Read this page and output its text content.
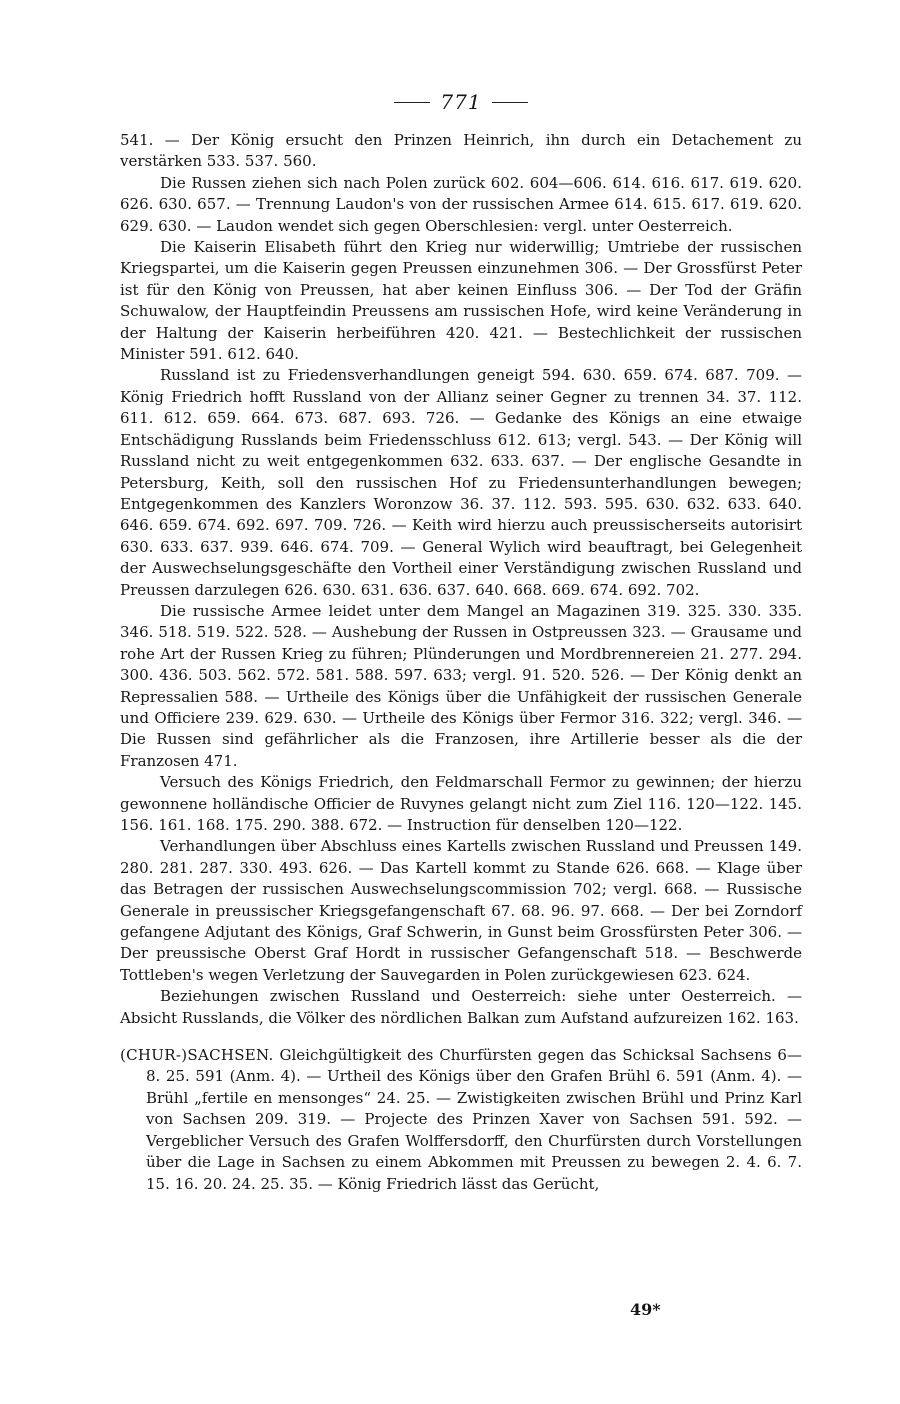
771

541. — Der König ersucht den Prinzen Heinrich, ihn durch ein Detachement zu verstärken 533. 537. 560.

Die Russen ziehen sich nach Polen zurück 602. 604—606. 614. 616. 617. 619. 620. 626. 630. 657. — Trennung Laudon's von der russischen Armee 614. 615. 617. 619. 620. 629. 630. — Laudon wendet sich gegen Oberschlesien: vergl. unter Oesterreich.

Die Kaiserin Elisabeth führt den Krieg nur widerwillig; Umtriebe der russischen Kriegspartei, um die Kaiserin gegen Preussen einzunehmen 306. — Der Grossfürst Peter ist für den König von Preussen, hat aber keinen Einfluss 306. — Der Tod der Gräfin Schuwalow, der Hauptfeindin Preussens am russischen Hofe, wird keine Veränderung in der Haltung der Kaiserin herbeiführen 420. 421. — Bestechlichkeit der russischen Minister 591. 612. 640.

Russland ist zu Friedensverhandlungen geneigt 594. 630. 659. 674. 687. 709. — König Friedrich hofft Russland von der Allianz seiner Gegner zu trennen 34. 37. 112. 611. 612. 659. 664. 673. 687. 693. 726. — Gedanke des Königs an eine etwaige Entschädigung Russlands beim Friedensschluss 612. 613; vergl. 543. — Der König will Russland nicht zu weit entgegenkommen 632. 633. 637. — Der englische Gesandte in Petersburg, Keith, soll den russischen Hof zu Friedensunterhandlungen bewegen; Entgegenkommen des Kanzlers Woronzow 36. 37. 112. 593. 595. 630. 632. 633. 640. 646. 659. 674. 692. 697. 709. 726. — Keith wird hierzu auch preussischerseits autorisirt 630. 633. 637. 939. 646. 674. 709. — General Wylich wird beauftragt, bei Gelegenheit der Auswechselungsgeschäfte den Vortheil einer Verständigung zwischen Russland und Preussen darzulegen 626. 630. 631. 636. 637. 640. 668. 669. 674. 692. 702.

Die russische Armee leidet unter dem Mangel an Magazinen 319. 325. 330. 335. 346. 518. 519. 522. 528. — Aushebung der Russen in Ostpreussen 323. — Grausame und rohe Art der Russen Krieg zu führen; Plünderungen und Mordbrennereien 21. 277. 294. 300. 436. 503. 562. 572. 581. 588. 597. 633; vergl. 91. 520. 526. — Der König denkt an Repressalien 588. — Urtheile des Königs über die Unfähigkeit der russischen Generale und Officiere 239. 629. 630. — Urtheile des Königs über Fermor 316. 322; vergl. 346. — Die Russen sind gefährlicher als die Franzosen, ihre Artillerie besser als die der Franzosen 471.

Versuch des Königs Friedrich, den Feldmarschall Fermor zu gewinnen; der hierzu gewonnene holländische Officier de Ruvynes gelangt nicht zum Ziel 116. 120—122. 145. 156. 161. 168. 175. 290. 388. 672. — Instruction für denselben 120—122.

Verhandlungen über Abschluss eines Kartells zwischen Russland und Preussen 149. 280. 281. 287. 330. 493. 626. — Das Kartell kommt zu Stande 626. 668. — Klage über das Betragen der russischen Auswechselungscommission 702; vergl. 668. — Russische Generale in preussischer Kriegsgefangenschaft 67. 68. 96. 97. 668. — Der bei Zorndorf gefangene Adjutant des Königs, Graf Schwerin, in Gunst beim Grossfürsten Peter 306. — Der preussische Oberst Graf Hordt in russischer Gefangenschaft 518. — Beschwerde Tottleben's wegen Verletzung der Sauvegarden in Polen zurückgewiesen 623. 624.

Beziehungen zwischen Russland und Oesterreich: siehe unter Oesterreich. — Absicht Russlands, die Völker des nördlichen Balkan zum Aufstand aufzureizen 162. 163.

(CHUR-)SACHSEN. Gleichgültigkeit des Churfürsten gegen das Schicksal Sachsens 6—8. 25. 591 (Anm. 4). — Urtheil des Königs über den Grafen Brühl 6. 591 (Anm. 4). — Brühl „fertile en mensonges“ 24. 25. — Zwistigkeiten zwischen Brühl und Prinz Karl von Sachsen 209. 319. — Projecte des Prinzen Xaver von Sachsen 591. 592. — Vergeblicher Versuch des Grafen Wolffersdorff, den Churfürsten durch Vorstellungen über die Lage in Sachsen zu einem Abkommen mit Preussen zu bewegen 2. 4. 6. 7. 15. 16. 20. 24. 25. 35. — König Friedrich lässt das Gerücht,

49*
